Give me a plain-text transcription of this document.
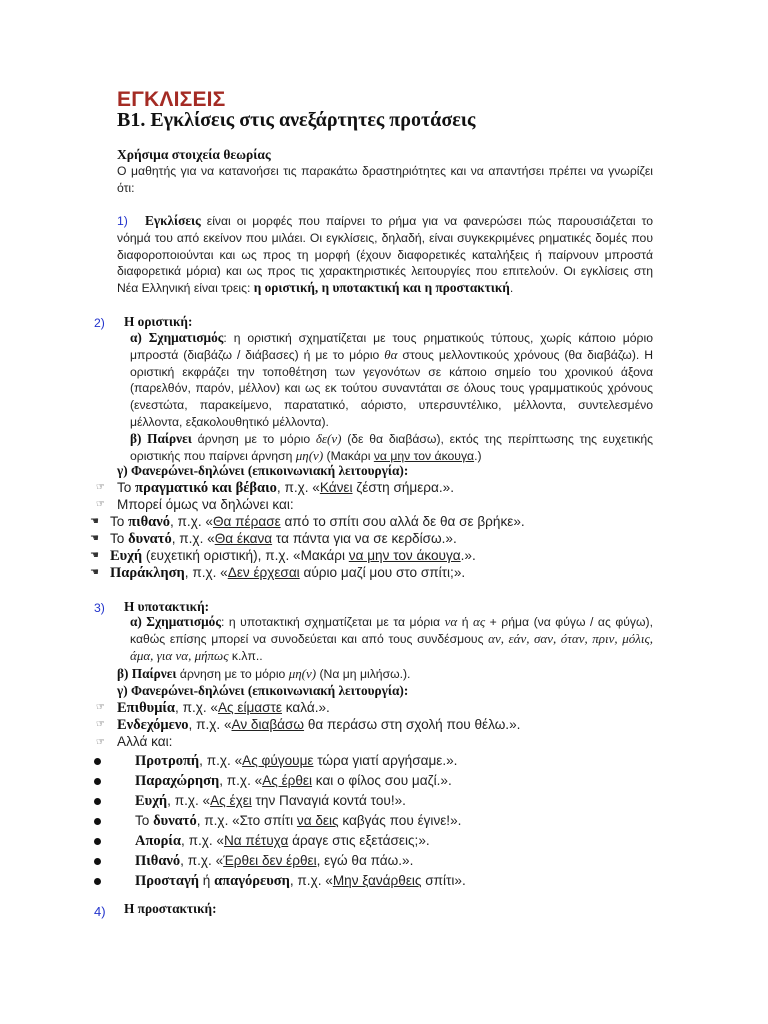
ΕΓΚΛΙΣΕΙΣ
Β1. Εγκλίσεις στις ανεξάρτητες προτάσεις
Χρήσιμα στοιχεία θεωρίας
Ο μαθητής για να κατανοήσει τις παρακάτω δραστηριότητες και να απαντήσει πρέπει να γνωρίζει ότι:
1)	Εγκλίσεις είναι οι μορφές που παίρνει το ρήμα για να φανερώσει πώς παρουσιάζεται το νόημά του από εκείνον που μιλάει. Οι εγκλίσεις, δηλαδή, είναι συγκεκριμένες ρηματικές δομές που διαφοροποιούνται και ως προς τη μορφή (έχουν διαφορετικές καταλήξεις ή παίρνουν μπροστά διαφορετικά μόρια) και ως προς τις χαρακτηριστικές λειτουργίες που επιτελούν. Οι εγκλίσεις στη Νέα Ελληνική είναι τρεις: η οριστική, η υποτακτική και η προστακτική.
2) Η οριστική:
α) Σχηματισμός: η οριστική σχηματίζεται με τους ρηματικούς τύπους, χωρίς κάποιο μόριο μπροστά (διαβάζω / διάβασες) ή με το μόριο θα στους μελλοντικούς χρόνους (θα διαβάζω). Η οριστική εκφράζει την τοποθέτηση των γεγονότων σε κάποιο σημείο του χρονικού άξονα (παρελθόν, παρόν, μέλλον) και ως εκ τούτου συναντάται σε όλους τους γραμματικούς χρόνους (ενεστώτα, παρακείμενο, παρατατικό, αόριστο, υπερσυντέλικο, μέλλοντα, συντελεσμένο μέλλοντα, εξακολουθητικό μέλλοντα).
β) Παίρνει άρνηση με το μόριο δε(ν) (δε θα διαβάσω), εκτός της περίπτωσης της ευχετικής οριστικής που παίρνει άρνηση μη(ν) (Μακάρι να μην τον άκουγα.)
γ) Φανερώνει-δηλώνει (επικοινωνιακή λειτουργία):
☞ Το πραγματικό και βέβαιο, π.χ. «Κάνει ζέστη σήμερα.».
☞ Μπορεί όμως να δηλώνει και:
☚ Το πιθανό, π.χ. «Θα πέρασε από το σπίτι σου αλλά δε θα σε βρήκε».
☚ Το δυνατό, π.χ. «Θα έκανα τα πάντα για να σε κερδίσω.».
☚ Ευχή (ευχετική οριστική), π.χ. «Μακάρι να μην τον άκουγα.».
☚ Παράκληση, π.χ. «Δεν έρχεσαι αύριο μαζί μου στο σπίτι;».
3) Η υποτακτική:
α) Σχηματισμός: η υποτακτική σχηματίζεται με τα μόρια να ή ας + ρήμα (να φύγω / ας φύγω), καθώς επίσης μπορεί να συνοδεύεται και από τους συνδέσμους αν, εάν, σαν, όταν, πριν, μόλις, άμα, για να, μήπως κ.λπ..
β) Παίρνει άρνηση με το μόριο μη(ν) (Να μη μιλήσω.).
γ) Φανερώνει-δηλώνει (επικοινωνιακή λειτουργία):
☞ Επιθυμία, π.χ. «Ας είμαστε καλά.».
☞ Ενδεχόμενο, π.χ. «Αν διαβάσω θα περάσω στη σχολή που θέλω.».
☞ Αλλά και:
Προτροπή, π.χ. «Ας φύγουμε τώρα γιατί αργήσαμε.».
Παραχώρηση, π.χ. «Ας έρθει και ο φίλος σου μαζί.».
Ευχή, π.χ. «Ας έχει την Παναγιά κοντά του!».
Το δυνατό, π.χ. «Στο σπίτι να δεις καβγάς που έγινε!».
Απορία, π.χ. «Να πέτυχα άραγε στις εξετάσεις;».
Πιθανό, π.χ. «Έρθει δεν έρθει, εγώ θα πάω.».
Προσταγή ή απαγόρευση, π.χ. «Μην ξανάρθεις σπίτι».
4) Η προστακτική:
